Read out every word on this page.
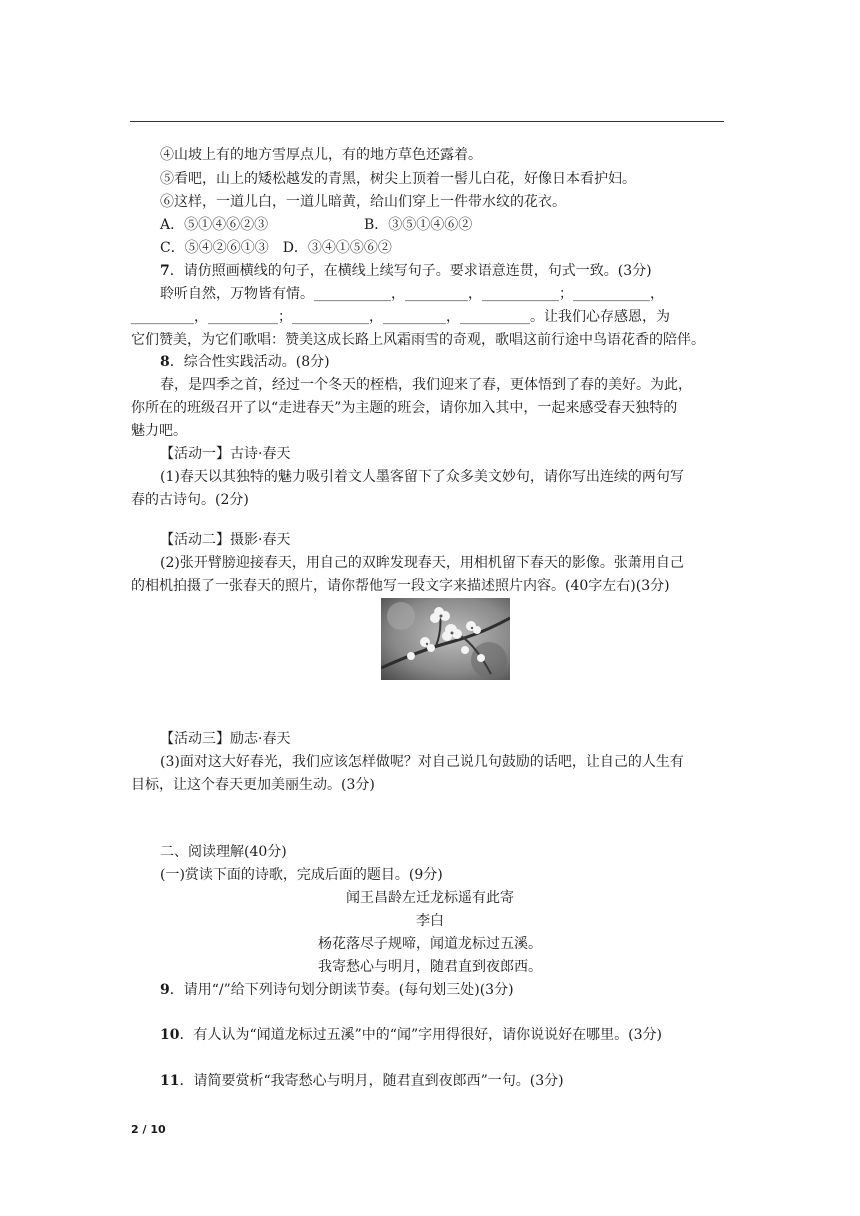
④山坡上有的地方雪厚点儿，有的地方草色还露着。
⑤看吧，山上的矮松越发的青黑，树尖上顶着一髻儿白花，好像日本看护妇。
⑥这样，一道儿白，一道儿暗黄，给山们穿上一件带水纹的花衣。
A．⑤①④⑥②③	B．③⑤①④⑥②
C．⑤④②⑥①③　D．③④①⑤⑥②
7．请仿照画横线的句子，在横线上续写句子。要求语意连贯，句式一致。(3分)
聆听自然，万物皆有情。___________，_________，___________；___________，
_________，__________；___________，_________，__________。让我们心存感恩，为
它们赞美，为它们歌唱：赞美这成长路上风霜雨雪的奇观，歌唱这前行途中鸟语花香的陪伴。
8．综合性实践活动。(8分)
春，是四季之首，经过一个冬天的桎梏，我们迎来了春，更体悟到了春的美好。为此，
你所在的班级召开了以“走进春天”为主题的班会，请你加入其中，一起来感受春天独特的
魅力吧。
【活动一】古诗·春天
(1)春天以其独特的魅力吸引着文人墨客留下了众多美文妙句，请你写出连续的两句写
春的古诗句。(2分)
【活动二】摄影·春天
(2)张开臂膀迎接春天，用自己的双眸发现春天，用相机留下春天的影像。张萧用自己
的相机拍摄了一张春天的照片，请你帮他写一段文字来描述照片内容。(40字左右)(3分)
【活动三】励志·春天
(3)面对这大好春光，我们应该怎样做呢？对自己说几句鼓励的话吧，让自己的人生有
目标，让这个春天更加美丽生动。(3分)
二、阅读理解(40分)
(一)赏读下面的诗歌，完成后面的题目。(9分)
闻王昌龄左迁龙标遥有此寄
李白
杨花落尽子规啼，闻道龙标过五溪。
我寄愁心与明月，随君直到夜郎西。
9．请用“/”给下列诗句划分朗读节奏。(每句划三处)(3分)
10．有人认为“闻道龙标过五溪”中的“闻”字用得很好，请你说说好在哪里。(3分)
11．请简要赏析“我寄愁心与明月，随君直到夜郎西”一句。(3分)
2 / 10
